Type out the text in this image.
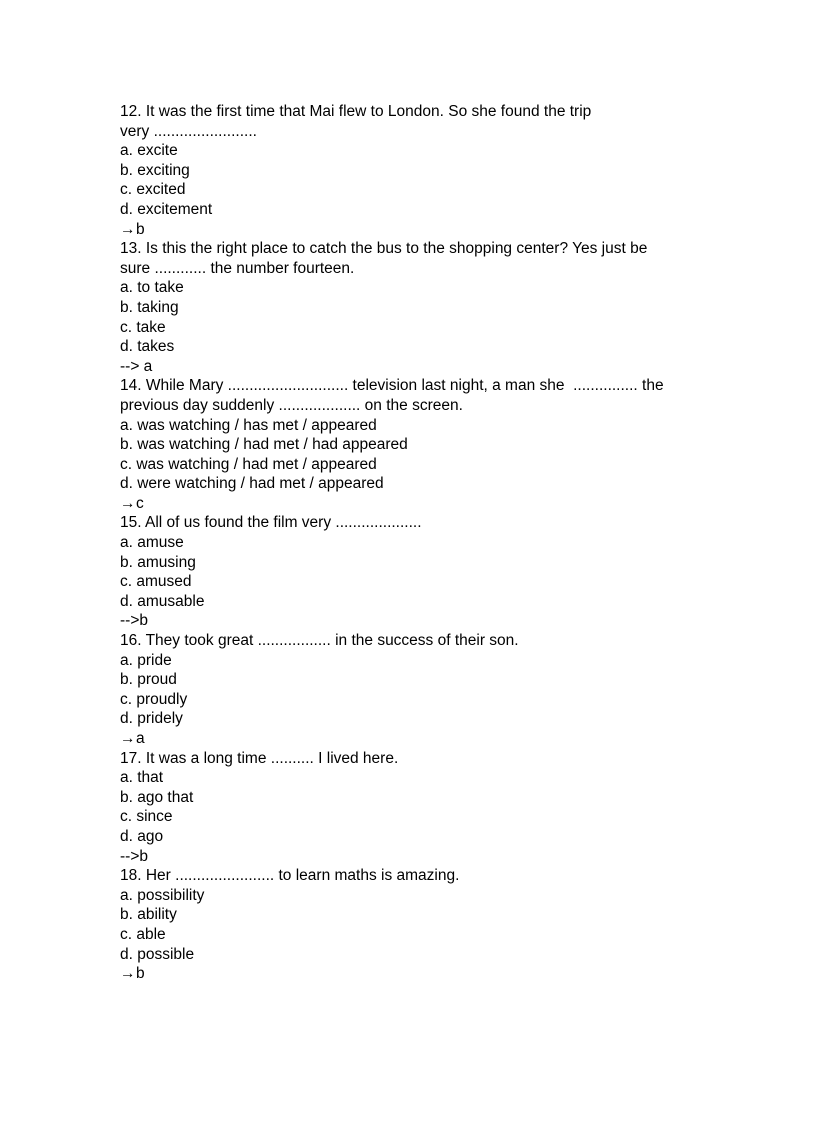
12. It was the first time that Mai flew to London. So she found the trip
very ........................
a. excite
b. exciting
c. excited
d. excitement
→b
13. Is this the right place to catch the bus to the shopping center? Yes just be
sure ............ the number fourteen.
a. to take
b. taking
c. take
d. takes
--> a
14. While Mary ............................ television last night, a man she  ............... the
previous day suddenly ................... on the screen.
a. was watching / has met / appeared
b. was watching / had met / had appeared
c. was watching / had met / appeared
d. were watching / had met / appeared
→c
15. All of us found the film very ....................
a. amuse
b. amusing
c. amused
d. amusable
-->b
16. They took great ................. in the success of their son.
a. pride
b. proud
c. proudly
d. pridely
→a
17. It was a long time .......... I lived here.
a. that
b. ago that
c. since
d. ago
-->b
18. Her ....................... to learn maths is amazing.
a. possibility
b. ability
c. able
d. possible
→b
